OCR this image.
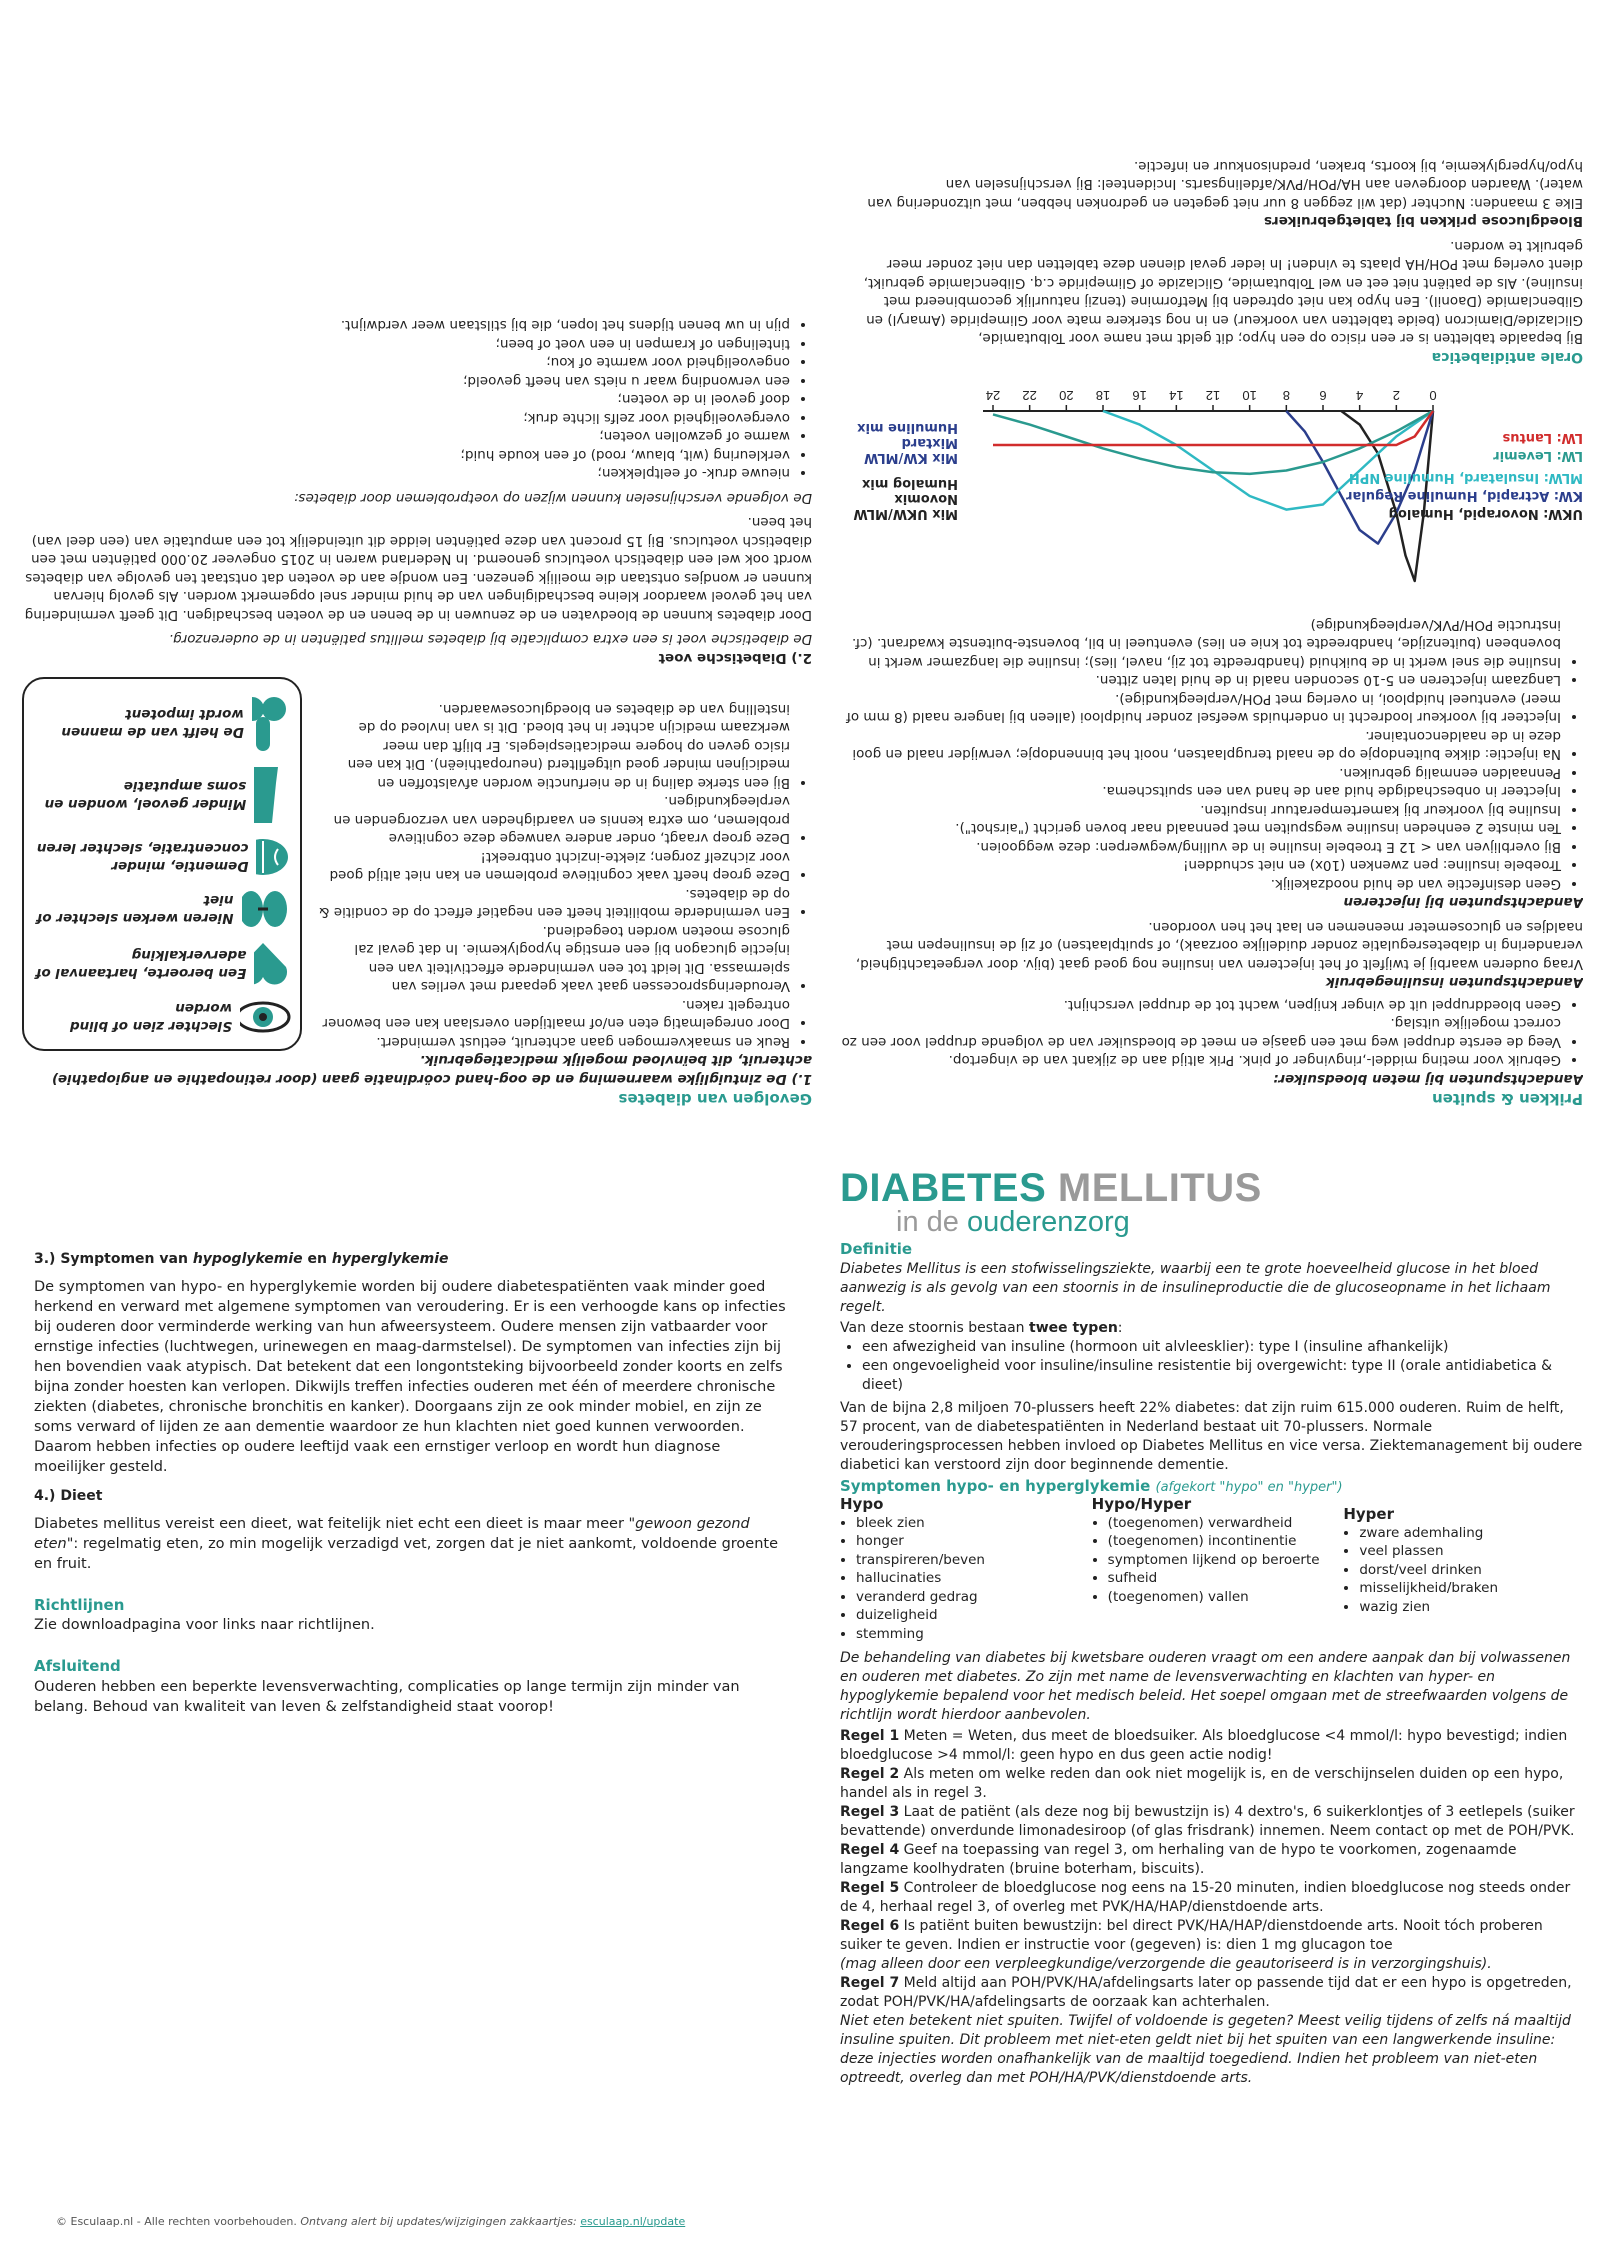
Prikken & spuiten
Aandachtspunten bij meten bloedsuiker:
• Gebruik voor meting middel-,ringvinger of pink. Prik altijd aan de zijkant van de vingertop.
• Veeg de eerste druppel weg met een gaasje en meet de bloedsuiker van de volgende druppel voor een zo correct mogelijke uitslag.
• Geen bloeddruppel uit de vinger knijpen, wacht tot de druppel verschijnt.
Aandachtspunten insulinegebruik

Vraag ouderen waarbij je twijfelt of het injecteren van insuline nog goed gaat (bijv. door vergeetachtigheid, verandering in diabetesregulatie zonder duidelijke oorzaak), of spuitplaatsen) of zij de insulinepen met naaldjes en glucosemeter meenemen en laat het hen voordoen.

Aandachtspunten bij injecteren
• Geen desinfectie van de huid noodzakelijk.
• Troebele insuline: pen zwenken (10x) en niet schudden!
• Bij overblijven van < 12 E troebele insuline in de vulling/wegwerpen: deze weggooien.
• Ten minste 2 eenheden insuline wegspuiten met pennaald naar boven gericht ("airshot").
• Insuline bij voorkeur bij kamertemperatuur inspuiten.
• Injecteer in onbeschadigde huid aan de hand van een spuitschema.
• Pennaalden eenmalig gebruiken.
• Na injectie: dikke buitendopje op de naald terugplaatsen, nooit het binnendopje; verwijder naald en gooi deze in de naaldencontainer.
• Injecteer bij voorkeur loodrecht in onderhuids weefsel zonder huidplooi (alleen bij langere naald (8 mm of meer) eventueel huidplooi, in overleg met POH/verpleegkundige).
• Langzaam injecteren en 5-10 seconden naald in de huid laten zitten.
• Insuline die snel werkt in de buikhuid (handbreedte tot zij, navel, lies); insuline die langzamer werkt in bovenbeen (buitenzijde, handbreedte tot knie en lies) eventueel in bil, bovenste-buitenste kwadrant. (cf. instructie POH/PVK/verpleegkundige)
0
2
4
6
8
10
12
14
16
18
20
22
24
UKW: Novorapid, Humalog
KW: Actrapid, Humuline Regular
MLW: Insulatard, Humuline NPH
LW: Levemir
LW: Lantus
Mix UKW/MLW
Novomix
Humalog mix
Mix KW/MLW
Mixtard
Humuline mix
Orale antidiabetica

Bij bepaalde tabletten is er een risico op een hypo; dit geldt met name voor Tolbutamide, Gliclazide/Diamicron (beide tabletten van voorkeur) en in nog sterkere mate voor Glimepiride (Amaryl) en Glibenclamide (Daonil). Een hypo kan niet optreden bij Metformine (tenzij natuurlijk gecombineerd met insuline). Als de patiënt niet eet en wel Tolbutamide, Gliclazide of Glimepiride c.q. Glibenclamide gebruikt, dient overleg met POH/HA plaats te vinden! In ieder geval dienen deze tabletten dan niet zonder meer gebruikt te worden.

Bloedglucose prikken bij tabletgebruikers

Elke 3 maanden: Nuchter (dat wil zeggen 8 uur niet gegeten en gedronken hebben, met uitzondering van water). Waarden doorgeven aan HA/POH/PVK/afdelingsarts. Incidenteel: Bij verschijnselen van hypo/hyperglykemie, bij koorts, braken, prednisonkuur en infectie.

Gevolgen van diabetes
1.) De zintuiglijke waarneming en de oog-hand coördinatie gaan (door retinopathie en angiopathie) achteruit, dit beïnvloed mogelijk medicatiegebruik.
• Reuk en smaakvermogen gaan achteruit, eetlust vermindert.
• Door onregelmatig eten en/of maaltijden overslaan kan een bewoner ontregelt raken.
• Verouderingsprocessen gaat vaak gepaard met verlies van spiermassa. Dit leidt tot een verminderde effectiviteit van een injectie glucagon bij een ernstige hypoglykemie. In dat geval zal glucose moeten worden toegediend.
• Een verminderde mobiliteit heeft een negatief effect op de conditie & op de diabetes.
• Deze groep heeft vaak cognitieve problemen en kan niet altijd goed voor zichzelf zorgen; ziekte-inzicht ontbreekt!
• Deze groep vraagt, onder andere vanwege deze cognitieve problemen, om extra kennis en vaardigheden van verzorgenden en verpleegkundigen.
• Bij een sterke daling in de nierfunctie worden afvalstoffen en medicijnen minder goed uitgefilterd (neuropathieën). Dit kan een risico geven op hogere medicatiespiegels. Er blijft dan meer werkzaam medicijn achter in het bloed. Dit is van invloed op de instelling van de diabetes en bloedglucosewaarden.
Slechter zien of blind worden
Een beroerte, hartaanval of aderverkalking
Nieren werken slechter of niet
Dementie, minder concentratie, slechter leren
Minder gevoel, wonden en soms amputatie
De helft van de mannen wordt impotent
2.) Diabetische voet

De diabetische voet is een extra complicatie bij diabetes mellitus patiënten in de ouderenzorg.

Door diabetes kunnen de bloedvaten en de zenuwen in de benen en de voeten beschadigen. Dit geeft vermindering van het gevoel waardoor kleine beschadigingen van de huid minder snel opgemerkt worden. Als gevolg hiervan kunnen er wondjes ontstaan die moeilijk genezen. Een wondje aan de voeten dat ontstaat ten gevolge van diabetes wordt ook wel een diabetisch voetulcus genoemd. In Nederland waren in 2015 ongeveer 20.000 patiënten met een diabetisch voetulcus. Bij 15 procent van deze patiënten leidde dit uiteindelijk tot een amputatie van (een deel van) het been.

De volgende verschijnselen kunnen wijzen op voetproblemen door diabetes:

• nieuwe druk- of eeltplekken;
• verkleuring (wit, blauw, rood) of een koude huid;
• warme of gezwollen voeten;
• overgevoeligheid voor zelfs lichte druk;
• doof gevoel in de voeten;
• een verwonding waar u niets van heeft gevoeld;
• ongevoeligheid voor warmte of kou;
• tintelingen of krampen in een voet of been;
• pijn in uw benen tijdens het lopen, die bij stilstaan weer verdwijnt.
3.) Symptomen van hypoglykemie en hyperglykemie

De symptomen van hypo- en hyperglykemie worden bij oudere diabetespatiënten vaak minder goed herkend en verward met algemene symptomen van veroudering. Er is een verhoogde kans op infecties bij ouderen door verminderde werking van hun afweersysteem. Oudere mensen zijn vatbaarder voor ernstige infecties (luchtwegen, urinewegen en maag-darmstelsel). De symptomen van infecties zijn bij hen bovendien vaak atypisch. Dat betekent dat een longontsteking bijvoorbeeld zonder koorts en zelfs bijna zonder hoesten kan verlopen. Dikwijls treffen infecties ouderen met één of meerdere chronische ziekten (diabetes, chronische bronchitis en kanker). Doorgaans zijn ze ook minder mobiel, en zijn ze soms verward of lijden ze aan dementie waardoor ze hun klachten niet goed kunnen verwoorden. Daarom hebben infecties op oudere leeftijd vaak een ernstiger verloop en wordt hun diagnose moeilijker gesteld.

4.) Dieet

Diabetes mellitus vereist een dieet, wat feitelijk niet echt een dieet is maar meer "gewoon gezond eten": regelmatig eten, zo min mogelijk verzadigd vet, zorgen dat je niet aankomt, voldoende groente en fruit.

Richtlijnen

Zie downloadpagina voor links naar richtlijnen.

Afsluitend

Ouderen hebben een beperkte levensverwachting, complicaties op lange termijn zijn minder van belang. Behoud van kwaliteit van leven & zelfstandigheid staat voorop!

© Esculaap.nl - Alle rechten voorbehouden. Ontvang alert bij updates/wijzigingen zakkaartjes: esculaap.nl/update
DIABETES MELLITUS
in de ouderenzorg
Definitie

Diabetes Mellitus is een stofwisselingsziekte, waarbij een te grote hoeveelheid glucose in het bloed aanwezig is als gevolg van een stoornis in de insulineproductie die de glucoseopname in het lichaam regelt.

Van deze stoornis bestaan twee typen:
• een afwezigheid van insuline (hormoon uit alvleesklier): type I (insuline afhankelijk)
• een ongevoeligheid voor insuline/insuline resistentie bij overgewicht: type II (orale antidiabetica & dieet)

Van de bijna 2,8 miljoen 70-plussers heeft 22% diabetes: dat zijn ruim 615.000 ouderen. Ruim de helft, 57 procent, van de diabetespatiënten in Nederland bestaat uit 70-plussers. Normale verouderingsprocessen hebben invloed op Diabetes Mellitus en vice versa. Ziektemanagement bij oudere diabetici kan verstoord zijn door beginnende dementie.

Symptomen hypo- en hyperglykemie (afgekort "hypo" en "hyper")
Hypo
• bleek zien
• honger
• transpireren/beven
• hallucinaties
• veranderd gedrag
• duizeligheid
• stemming
Hypo/Hyper
• (toegenomen) verwardheid
• (toegenomen) incontinentie
• symptomen lijkend op beroerte
• sufheid
• (toegenomen) vallen
Hyper
• zware ademhaling
• veel plassen
• dorst/veel drinken
• misselijkheid/braken
• wazig zien

De behandeling van diabetes bij kwetsbare ouderen vraagt om een andere aanpak dan bij volwassenen en ouderen met diabetes. Zo zijn met name de levensverwachting en klachten van hyper- en hypoglykemie bepalend voor het medisch beleid. Het soepel omgaan met de streefwaarden volgens de richtlijn wordt hierdoor aanbevolen.

Regel 1 Meten = Weten, dus meet de bloedsuiker. Als bloedglucose <4 mmol/l: hypo bevestigd; indien bloedglucose >4 mmol/l: geen hypo en dus geen actie nodig!
Regel 2 Als meten om welke reden dan ook niet mogelijk is, en de verschijnselen duiden op een hypo, handel als in regel 3.
Regel 3 Laat de patiënt (als deze nog bij bewustzijn is) 4 dextro's, 6 suikerklontjes of 3 eetlepels (suiker bevattende) onverdunde limonadesiroop (of glas frisdrank) innemen. Neem contact op met de POH/PVK.
Regel 4 Geef na toepassing van regel 3, om herhaling van de hypo te voorkomen, zogenaamde langzame koolhydraten (bruine boterham, biscuits).
Regel 5 Controleer de bloedglucose nog eens na 15-20 minuten, indien bloedglucose nog steeds onder de 4, herhaal regel 3, of overleg met PVK/HA/HAP/dienstdoende arts.
Regel 6 Is patiënt buiten bewustzijn: bel direct PVK/HA/HAP/dienstdoende arts. Nooit tóch proberen suiker te geven. Indien er instructie voor (gegeven) is: dien 1 mg glucagon toe
(mag alleen door een verpleegkundige/verzorgende die geautoriseerd is in verzorgingshuis).
Regel 7 Meld altijd aan POH/PVK/HA/afdelingsarts later op passende tijd dat er een hypo is opgetreden, zodat POH/PVK/HA/afdelingsarts de oorzaak kan achterhalen.

Niet eten betekent niet spuiten. Twijfel of voldoende is gegeten? Meest veilig tijdens of zelfs ná maaltijd insuline spuiten. Dit probleem met niet-eten geldt niet bij het spuiten van een langwerkende insuline: deze injecties worden onafhankelijk van de maaltijd toegediend. Indien het probleem van niet-eten optreedt, overleg dan met POH/HA/PVK/dienstdoende arts.
